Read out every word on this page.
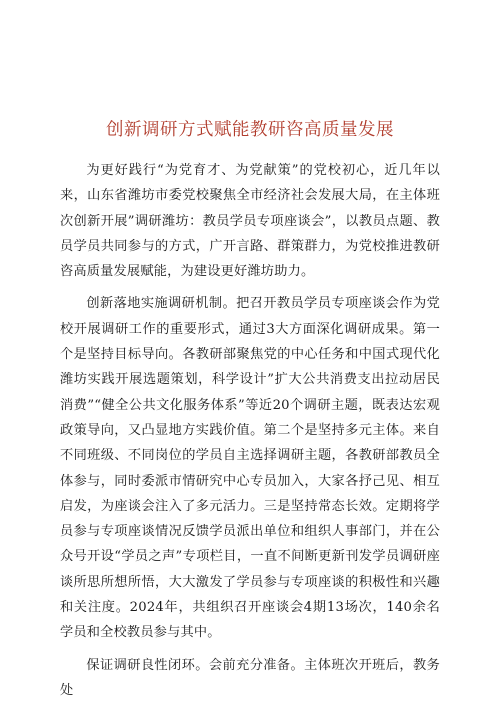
创新调研方式赋能教研咨高质量发展

为更好践行“为党育才、为党献策”的党校初心，近几年以来，山东省潍坊市委党校聚焦全市经济社会发展大局，在主体班次创新开展”调研潍坊：教员学员专项座谈会”，以教员点题、教员学员共同参与的方式，广开言路、群策群力，为党校推进教研咨高质量发展赋能，为建设更好潍坊助力。

创新落地实施调研机制。把召开教员学员专项座谈会作为党校开展调研工作的重要形式，通过3大方面深化调研成果。第一个是坚持目标导向。各教研部聚焦党的中心任务和中国式现代化潍坊实践开展选题策划，科学设计”扩大公共消费支出拉动居民消费”“健全公共文化服务体系”等近20个调研主题，既表达宏观政策导向，又凸显地方实践价值。第二个是坚持多元主体。来自不同班级、不同岗位的学员自主选择调研主题，各教研部教员全体参与，同时委派市情研究中心专员加入，大家各抒己见、相互启发，为座谈会注入了多元活力。三是坚持常态长效。定期将学员参与专项座谈情况反馈学员派出单位和组织人事部门，并在公众号开设“学员之声”专项栏目，一直不间断更新刊发学员调研座谈所思所想所悟，大大激发了学员参与专项座谈的积极性和兴趣和关注度。2024年，共组织召开座谈会4期13场次，140余名学员和全校教员参与其中。

保证调研良性闭环。会前充分准备。主体班次开班后，教务处
